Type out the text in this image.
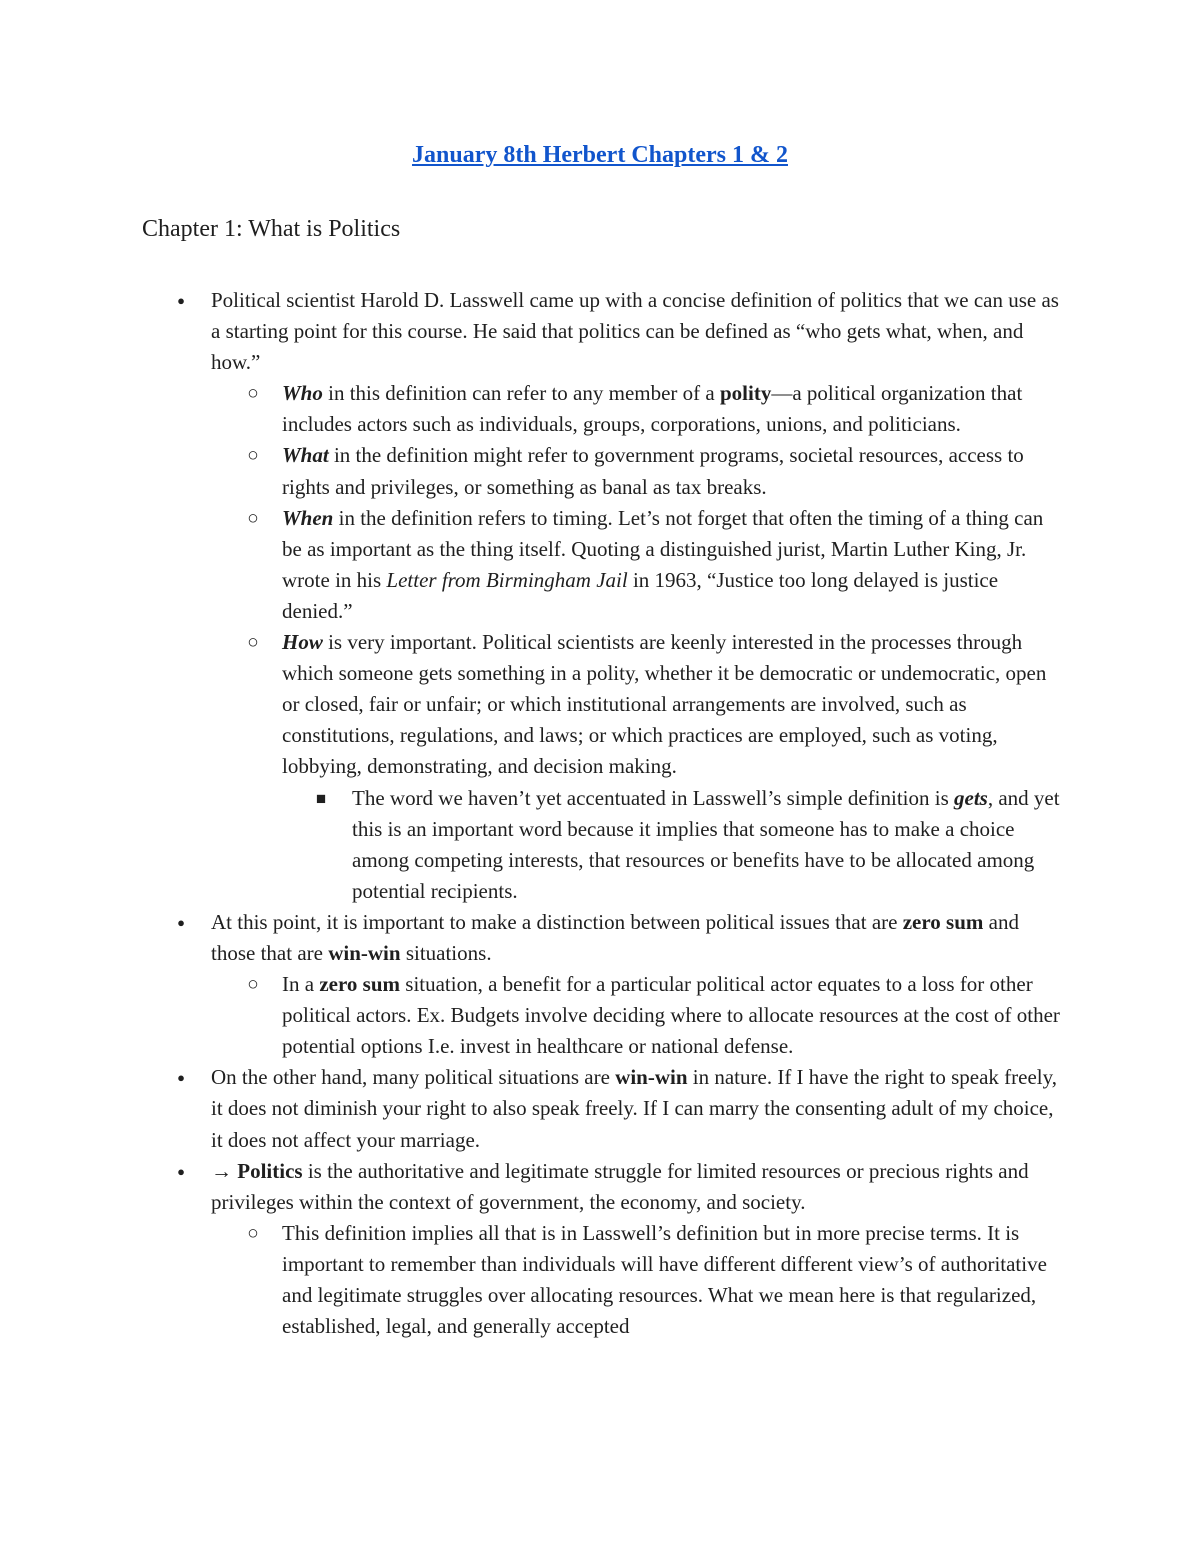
January 8th Herbert Chapters 1 & 2
Chapter 1: What is Politics
● Political scientist Harold D. Lasswell came up with a concise definition of politics that we can use as a starting point for this course. He said that politics can be defined as “who gets what, when, and how.”
○ Who in this definition can refer to any member of a polity—a political organization that includes actors such as individuals, groups, corporations, unions, and politicians.
○ What in the definition might refer to government programs, societal resources, access to rights and privileges, or something as banal as tax breaks.
○ When in the definition refers to timing. Let’s not forget that often the timing of a thing can be as important as the thing itself. Quoting a distinguished jurist, Martin Luther King, Jr. wrote in his Letter from Birmingham Jail in 1963, “Justice too long delayed is justice denied.”
○ How is very important. Political scientists are keenly interested in the processes through which someone gets something in a polity, whether it be democratic or undemocratic, open or closed, fair or unfair; or which institutional arrangements are involved, such as constitutions, regulations, and laws; or which practices are employed, such as voting, lobbying, demonstrating, and decision making.
■ The word we haven’t yet accentuated in Lasswell’s simple definition is gets, and yet this is an important word because it implies that someone has to make a choice among competing interests, that resources or benefits have to be allocated among potential recipients.
● At this point, it is important to make a distinction between political issues that are zero sum and those that are win-win situations.
○ In a zero sum situation, a benefit for a particular political actor equates to a loss for other political actors. Ex. Budgets involve deciding where to allocate resources at the cost of other potential options I.e. invest in healthcare or national defense.
● On the other hand, many political situations are win-win in nature. If I have the right to speak freely, it does not diminish your right to also speak freely. If I can marry the consenting adult of my choice, it does not affect your marriage.
● → Politics is the authoritative and legitimate struggle for limited resources or precious rights and privileges within the context of government, the economy, and society.
○ This definition implies all that is in Lasswell’s definition but in more precise terms. It is important to remember than individuals will have different different view’s of authoritative and legitimate struggles over allocating resources. What we mean here is that regularized, established, legal, and generally accepted
